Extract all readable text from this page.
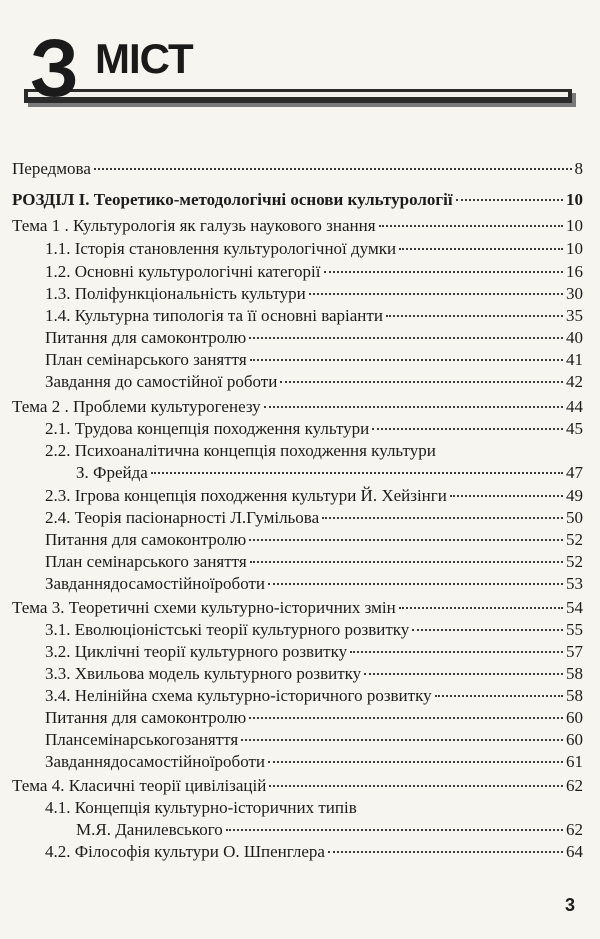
З МІСТ
Передмова	8
РОЗДІЛ І. Теоретико-методологічні основи культурології	10
Тема 1 . Культурологія як галузь наукового знання	10
1.1. Історія становлення культурологічної думки	10
1.2. Основні культурологічні категорії	16
1.3. Поліфункціональність культури	30
1.4. Культурна типологія та її основні варіанти	35
Питання для самоконтролю	40
План семінарського заняття	41
Завдання до самостійної роботи	42
Тема 2 . Проблеми культурогенезу	44
2.1. Трудова концепція походження культури	45
2.2. Психоаналітична концепція походження культури
З. Фрейда	47
2.3. Ігрова концепція походження культури Й. Хейзінги	49
2.4. Теорія пасіонарності Л.Гумільова	50
Питання для самоконтролю	52
План семінарського заняття	52
Завданнядосамостійноїроботи	53
Тема 3. Теоретичні схеми культурно-історичних змін	54
3.1. Еволюціоністські теорії культурного розвитку	55
3.2. Циклічні теорії культурного розвитку	57
3.3. Хвильова модель культурного розвитку	58
3.4. Нелінійна схема культурно-історичного розвитку	58
Питання для самоконтролю	60
Плансемінарськогозаняття	60
Завданнядосамостійноїроботи	61
Тема 4. Класичні теорії цивілізацій	62
4.1. Концепція культурно-історичних типів
М.Я. Данилевського	62
4.2. Філософія культури О. Шпенглера	64
3
